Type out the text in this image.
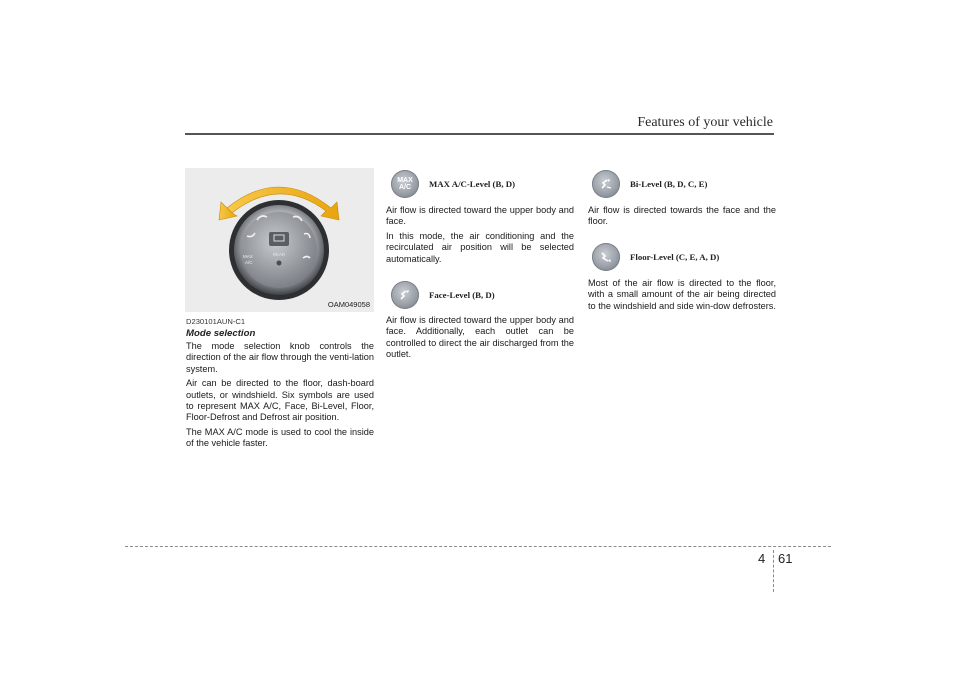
Features of your vehicle
REAR
MAX
A/C
OAM049058
D230101AUN-C1
Mode selection

The mode selection knob controls the direction of the air flow through the venti-lation system.

Air can be directed to the floor, dash-board outlets, or windshield. Six symbols are used to represent MAX A/C, Face, Bi-Level, Floor, Floor-Defrost and Defrost air position.

The MAX A/C mode is used to cool the inside of the vehicle faster.

MAX
A/C MAX A/C-Level (B, D)

Air flow is directed toward the upper body and face.

In this mode, the air conditioning and the recirculated air position will be selected automatically.

Face-Level (B, D)

Air flow is directed toward the upper body and face. Additionally, each outlet can be controlled to direct the air discharged from the outlet.

Bi-Level (B, D, C, E)

Air flow is directed towards the face and the floor.

Floor-Level (C, E, A, D)

Most of the air flow is directed to the floor, with a small amount of the air being directed to the windshield and side win-dow defrosters.

4 61
